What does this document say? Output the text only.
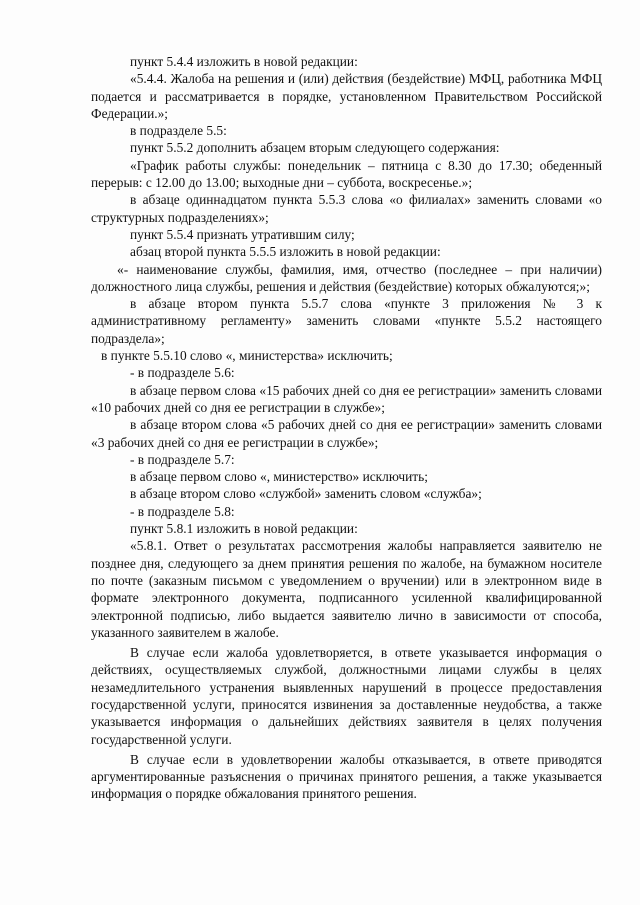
пункт 5.4.4 изложить в новой редакции:

«5.4.4. Жалоба на решения и (или) действия (бездействие) МФЦ, работника МФЦ подается и рассматривается в порядке, установленном Правительством Российской Федерации.»;

в подразделе 5.5:

пункт 5.5.2 дополнить абзацем вторым следующего содержания:

«График работы службы: понедельник – пятница с 8.30 до 17.30; обеденный перерыв: с 12.00 до 13.00; выходные дни – суббота, воскресенье.»;

в абзаце одиннадцатом пункта 5.5.3 слова «о филиалах» заменить словами «о структурных подразделениях»;

пункт 5.5.4 признать утратившим силу;

абзац второй пункта 5.5.5 изложить в новой редакции:

«- наименование службы, фамилия, имя, отчество (последнее – при наличии) должностного лица службы, решения и действия (бездействие) которых обжалуются;»;

в абзаце втором пункта 5.5.7 слова «пункте 3 приложения № 3 к административному регламенту» заменить словами «пункте 5.5.2 настоящего подраздела»;

в пункте 5.5.10 слово «, министерства» исключить;

- в подразделе 5.6:

в абзаце первом слова «15 рабочих дней со дня ее регистрации» заменить словами «10 рабочих дней со дня ее регистрации в службе»;

в абзаце втором слова «5 рабочих дней со дня ее регистрации» заменить словами «3 рабочих дней со дня ее регистрации в службе»;

- в подразделе 5.7:

в абзаце первом слово «, министерство» исключить;

в абзаце втором слово «службой» заменить словом «служба»;

- в подразделе 5.8:

пункт 5.8.1 изложить в новой редакции:

«5.8.1. Ответ о результатах рассмотрения жалобы направляется заявителю не позднее дня, следующего за днем принятия решения по жалобе, на бумажном носителе по почте (заказным письмом с уведомлением о вручении) или в электронном виде в формате электронного документа, подписанного усиленной квалифицированной электронной подписью, либо выдается заявителю лично в зависимости от способа, указанного заявителем в жалобе.

В случае если жалоба удовлетворяется, в ответе указывается информация о действиях, осуществляемых службой, должностными лицами службы в целях незамедлительного устранения выявленных нарушений в процессе предоставления государственной услуги, приносятся извинения за доставленные неудобства, а также указывается информация о дальнейших действиях заявителя в целях получения государственной услуги.

В случае если в удовлетворении жалобы отказывается, в ответе приводятся аргументированные разъяснения о причинах принятого решения, а также указывается информация о порядке обжалования принятого решения.
